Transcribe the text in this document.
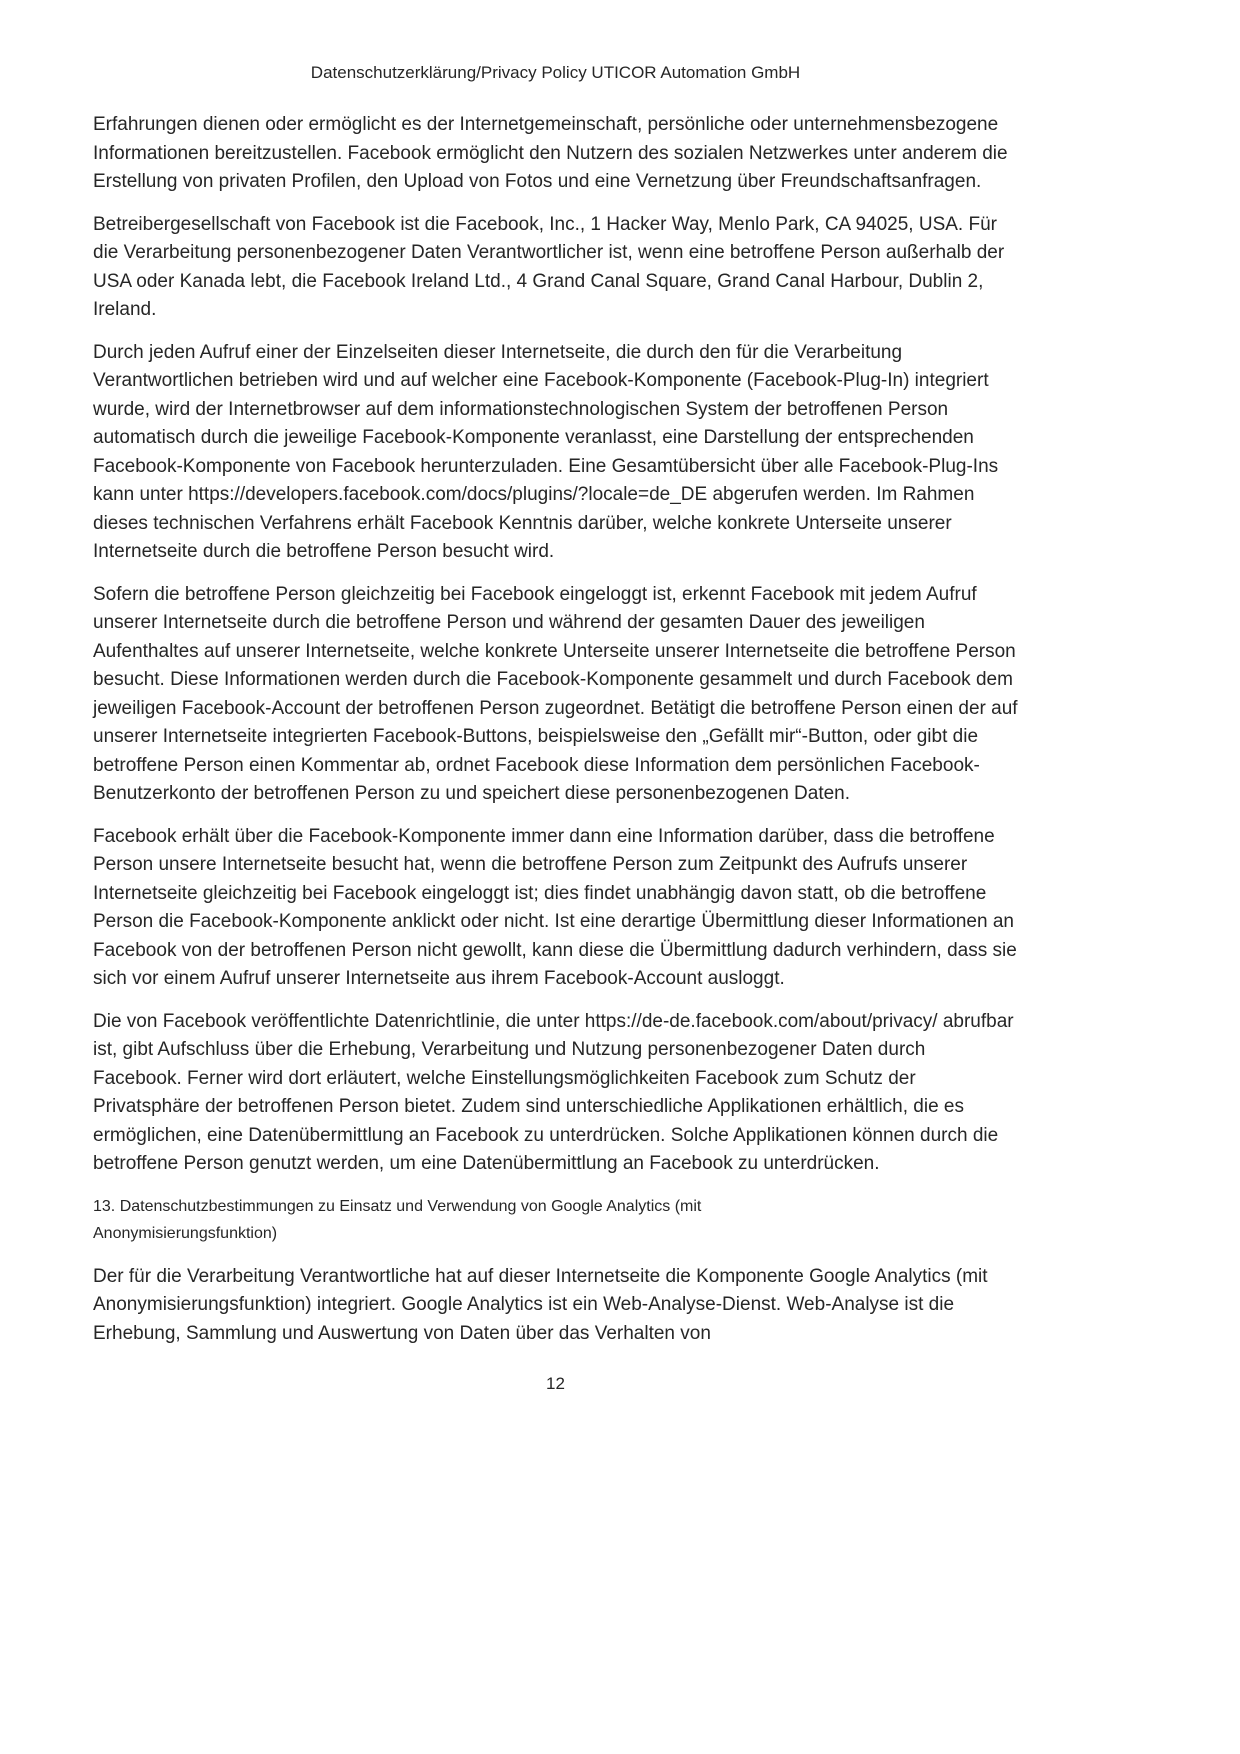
Datenschutzerklärung/Privacy Policy UTICOR Automation GmbH

Erfahrungen dienen oder ermöglicht es der Internetgemeinschaft, persönliche oder unternehmensbezogene Informationen bereitzustellen. Facebook ermöglicht den Nutzern des sozialen Netzwerkes unter anderem die Erstellung von privaten Profilen, den Upload von Fotos und eine Vernetzung über Freundschaftsanfragen.

Betreibergesellschaft von Facebook ist die Facebook, Inc., 1 Hacker Way, Menlo Park, CA 94025, USA. Für die Verarbeitung personenbezogener Daten Verantwortlicher ist, wenn eine betroffene Person außerhalb der USA oder Kanada lebt, die Facebook Ireland Ltd., 4 Grand Canal Square, Grand Canal Harbour, Dublin 2, Ireland.

Durch jeden Aufruf einer der Einzelseiten dieser Internetseite, die durch den für die Verarbeitung Verantwortlichen betrieben wird und auf welcher eine Facebook-Komponente (Facebook-Plug-In) integriert wurde, wird der Internetbrowser auf dem informationstechnologischen System der betroffenen Person automatisch durch die jeweilige Facebook-Komponente veranlasst, eine Darstellung der entsprechenden Facebook-Komponente von Facebook herunterzuladen. Eine Gesamtübersicht über alle Facebook-Plug-Ins kann unter https://developers.facebook.com/docs/plugins/?locale=de_DE abgerufen werden. Im Rahmen dieses technischen Verfahrens erhält Facebook Kenntnis darüber, welche konkrete Unterseite unserer Internetseite durch die betroffene Person besucht wird.

Sofern die betroffene Person gleichzeitig bei Facebook eingeloggt ist, erkennt Facebook mit jedem Aufruf unserer Internetseite durch die betroffene Person und während der gesamten Dauer des jeweiligen Aufenthaltes auf unserer Internetseite, welche konkrete Unterseite unserer Internetseite die betroffene Person besucht. Diese Informationen werden durch die Facebook-Komponente gesammelt und durch Facebook dem jeweiligen Facebook-Account der betroffenen Person zugeordnet. Betätigt die betroffene Person einen der auf unserer Internetseite integrierten Facebook-Buttons, beispielsweise den „Gefällt mir“-Button, oder gibt die betroffene Person einen Kommentar ab, ordnet Facebook diese Information dem persönlichen Facebook-Benutzerkonto der betroffenen Person zu und speichert diese personenbezogenen Daten.

Facebook erhält über die Facebook-Komponente immer dann eine Information darüber, dass die betroffene Person unsere Internetseite besucht hat, wenn die betroffene Person zum Zeitpunkt des Aufrufs unserer Internetseite gleichzeitig bei Facebook eingeloggt ist; dies findet unabhängig davon statt, ob die betroffene Person die Facebook-Komponente anklickt oder nicht. Ist eine derartige Übermittlung dieser Informationen an Facebook von der betroffenen Person nicht gewollt, kann diese die Übermittlung dadurch verhindern, dass sie sich vor einem Aufruf unserer Internetseite aus ihrem Facebook-Account ausloggt.

Die von Facebook veröffentlichte Datenrichtlinie, die unter https://de-de.facebook.com/about/privacy/ abrufbar ist, gibt Aufschluss über die Erhebung, Verarbeitung und Nutzung personenbezogener Daten durch Facebook. Ferner wird dort erläutert, welche Einstellungsmöglichkeiten Facebook zum Schutz der Privatsphäre der betroffenen Person bietet. Zudem sind unterschiedliche Applikationen erhältlich, die es ermöglichen, eine Datenübermittlung an Facebook zu unterdrücken. Solche Applikationen können durch die betroffene Person genutzt werden, um eine Datenübermittlung an Facebook zu unterdrücken.

13. Datenschutzbestimmungen zu Einsatz und Verwendung von Google Analytics (mit Anonymisierungsfunktion)

Der für die Verarbeitung Verantwortliche hat auf dieser Internetseite die Komponente Google Analytics (mit Anonymisierungsfunktion) integriert. Google Analytics ist ein Web-Analyse-Dienst. Web-Analyse ist die Erhebung, Sammlung und Auswertung von Daten über das Verhalten von

12
